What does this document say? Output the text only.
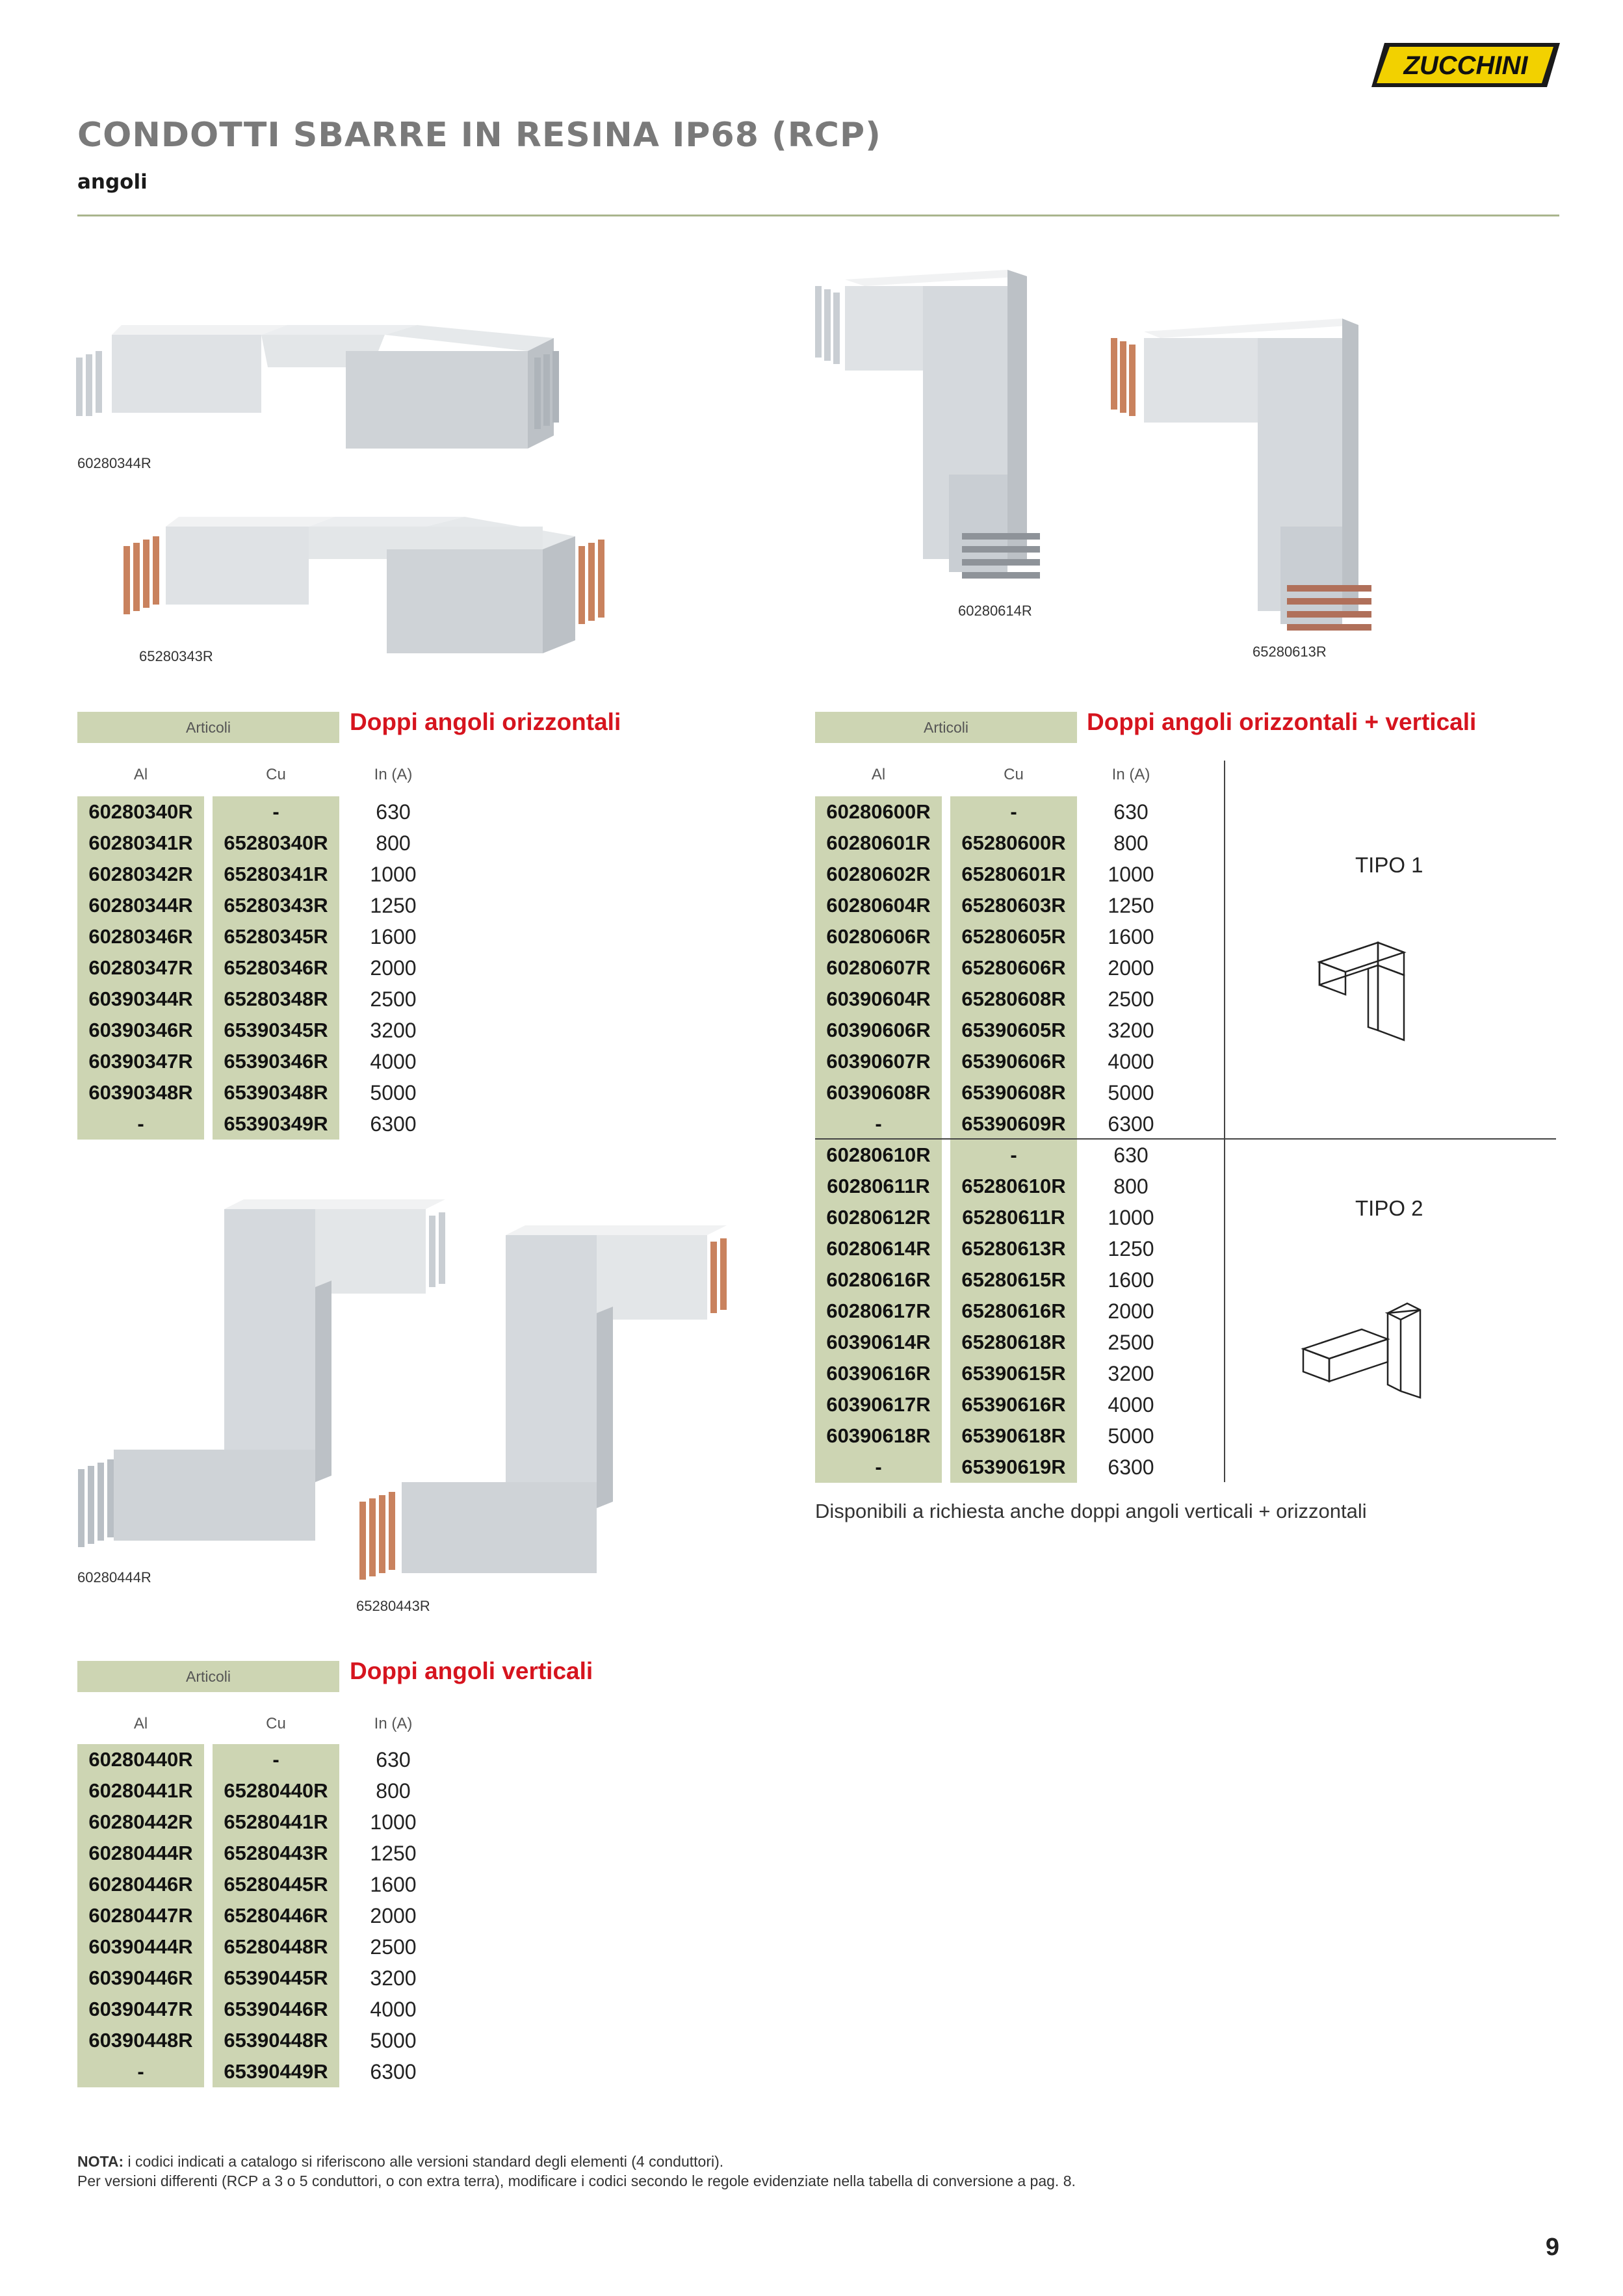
ZUCCHINI
CONDOTTI SBARRE IN RESINA IP68 (RCP)
angoli
60280344R
65280343R
60280614R
65280613R
60280444R
65280443R
Articoli	Doppi angoli orizzontali
Al	Cu	In (A)
60280340R	-	630
60280341R	65280340R	800
60280342R	65280341R	1000
60280344R	65280343R	1250
60280346R	65280345R	1600
60280347R	65280346R	2000
60390344R	65280348R	2500
60390346R	65390345R	3200
60390347R	65390346R	4000
60390348R	65390348R	5000
-	65390349R	6300
Articoli	Doppi angoli orizzontali + verticali
Al	Cu	In (A)
60280600R	-	630
60280601R	65280600R	800
60280602R	65280601R	1000
60280604R	65280603R	1250
60280606R	65280605R	1600
60280607R	65280606R	2000
60390604R	65280608R	2500
60390606R	65390605R	3200
60390607R	65390606R	4000
60390608R	65390608R	5000
-	65390609R	6300
60280610R	-	630
60280611R	65280610R	800
60280612R	65280611R	1000
60280614R	65280613R	1250
60280616R	65280615R	1600
60280617R	65280616R	2000
60390614R	65280618R	2500
60390616R	65390615R	3200
60390617R	65390616R	4000
60390618R	65390618R	5000
-	65390619R	6300
TIPO 1
TIPO 2
Disponibili a richiesta anche doppi angoli verticali + orizzontali
Articoli	Doppi angoli verticali
Al	Cu	In (A)
60280440R	-	630
60280441R	65280440R	800
60280442R	65280441R	1000
60280444R	65280443R	1250
60280446R	65280445R	1600
60280447R	65280446R	2000
60390444R	65280448R	2500
60390446R	65390445R	3200
60390447R	65390446R	4000
60390448R	65390448R	5000
-	65390449R	6300
NOTA: i codici indicati a catalogo si riferiscono alle versioni standard degli elementi (4 conduttori).
Per versioni differenti (RCP a 3 o 5 conduttori, o con extra terra), modificare i codici secondo le regole evidenziate nella tabella di conversione a pag. 8.
9
